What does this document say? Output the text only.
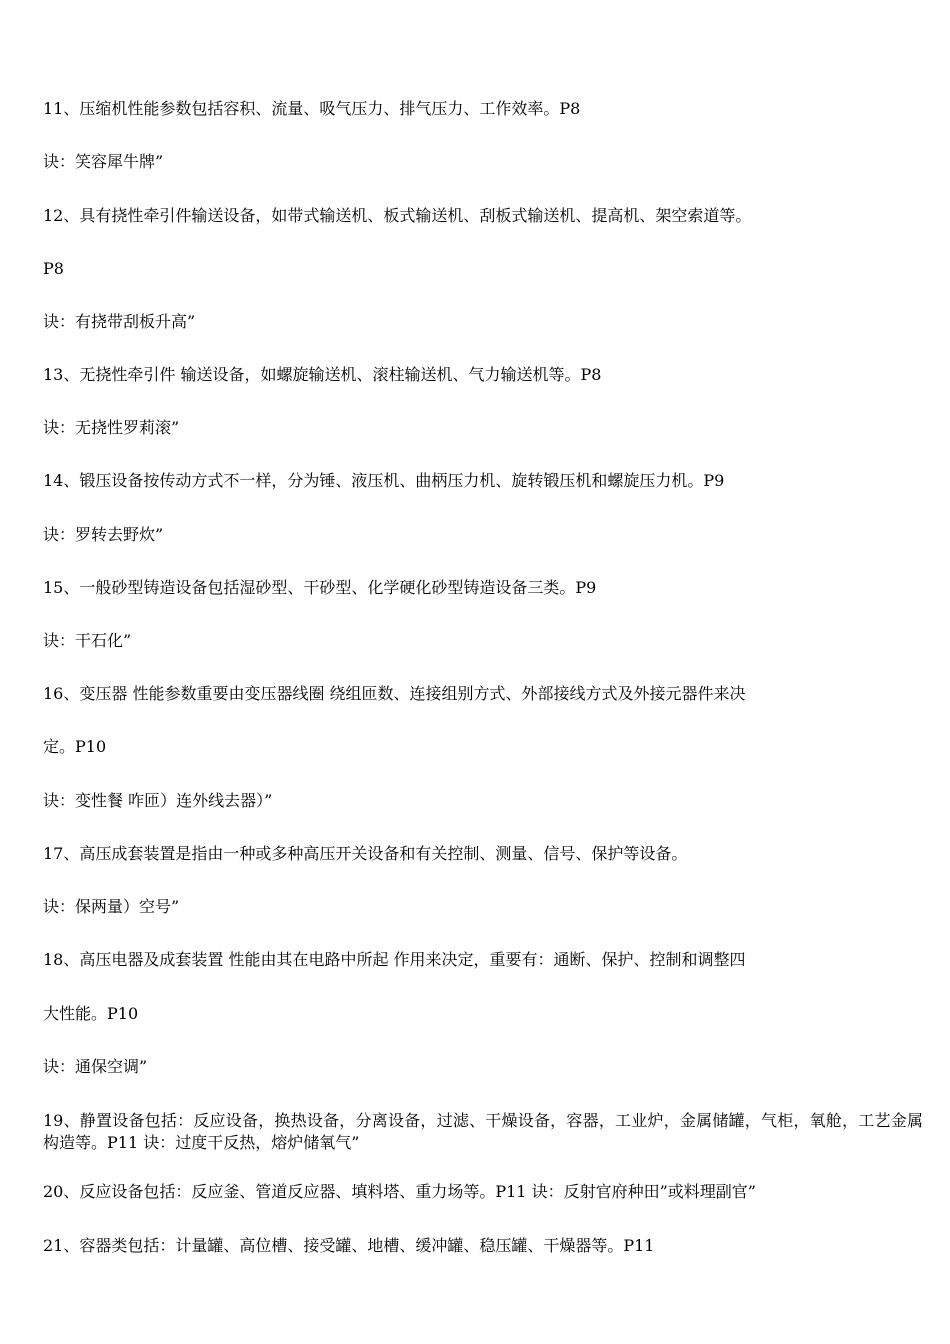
11、压缩机性能参数包括容积、流量、吸气压力、排气压力、工作效率。P8
诀：笑容犀牛牌”
12、具有挠性牵引件输送设备，如带式输送机、板式输送机、刮板式输送机、提高机、架空索道等。
P8
诀：有挠带刮板升高”
13、无挠性牵引件 输送设备，如螺旋输送机、滚柱输送机、气力输送机等。P8
诀：无挠性罗莉滚”
14、锻压设备按传动方式不一样，分为锤、液压机、曲柄压力机、旋转锻压机和螺旋压力机。P9
诀：罗转去野炊”
15、一般砂型铸造设备包括湿砂型、干砂型、化学硬化砂型铸造设备三类。P9
诀：干石化”
16、变压器 性能参数重要由变压器线圈 绕组匝数、连接组别方式、外部接线方式及外接元器件来决
定。P10
诀：变性餐 咋匝）连外线去器）”
17、高压成套装置是指由一种或多种高压开关设备和有关控制、测量、信号、保护等设备。
诀：保两量）空号”
18、高压电器及成套装置 性能由其在电路中所起 作用来决定，重要有：通断、保护、控制和调整四
大性能。P10
诀：通保空调”
19、静置设备包括：反应设备，换热设备，分离设备，过滤、干燥设备，容器，工业炉，金属储罐，气柜，氧舱，工艺金属构造等。P11 诀：过度干反热，熔炉储氧气”
20、反应设备包括：反应釜、管道反应器、填料塔、重力场等。P11 诀：反射官府种田”或料理副官”
21、容器类包括：计量罐、高位槽、接受罐、地槽、缓冲罐、稳压罐、干燥器等。P11
